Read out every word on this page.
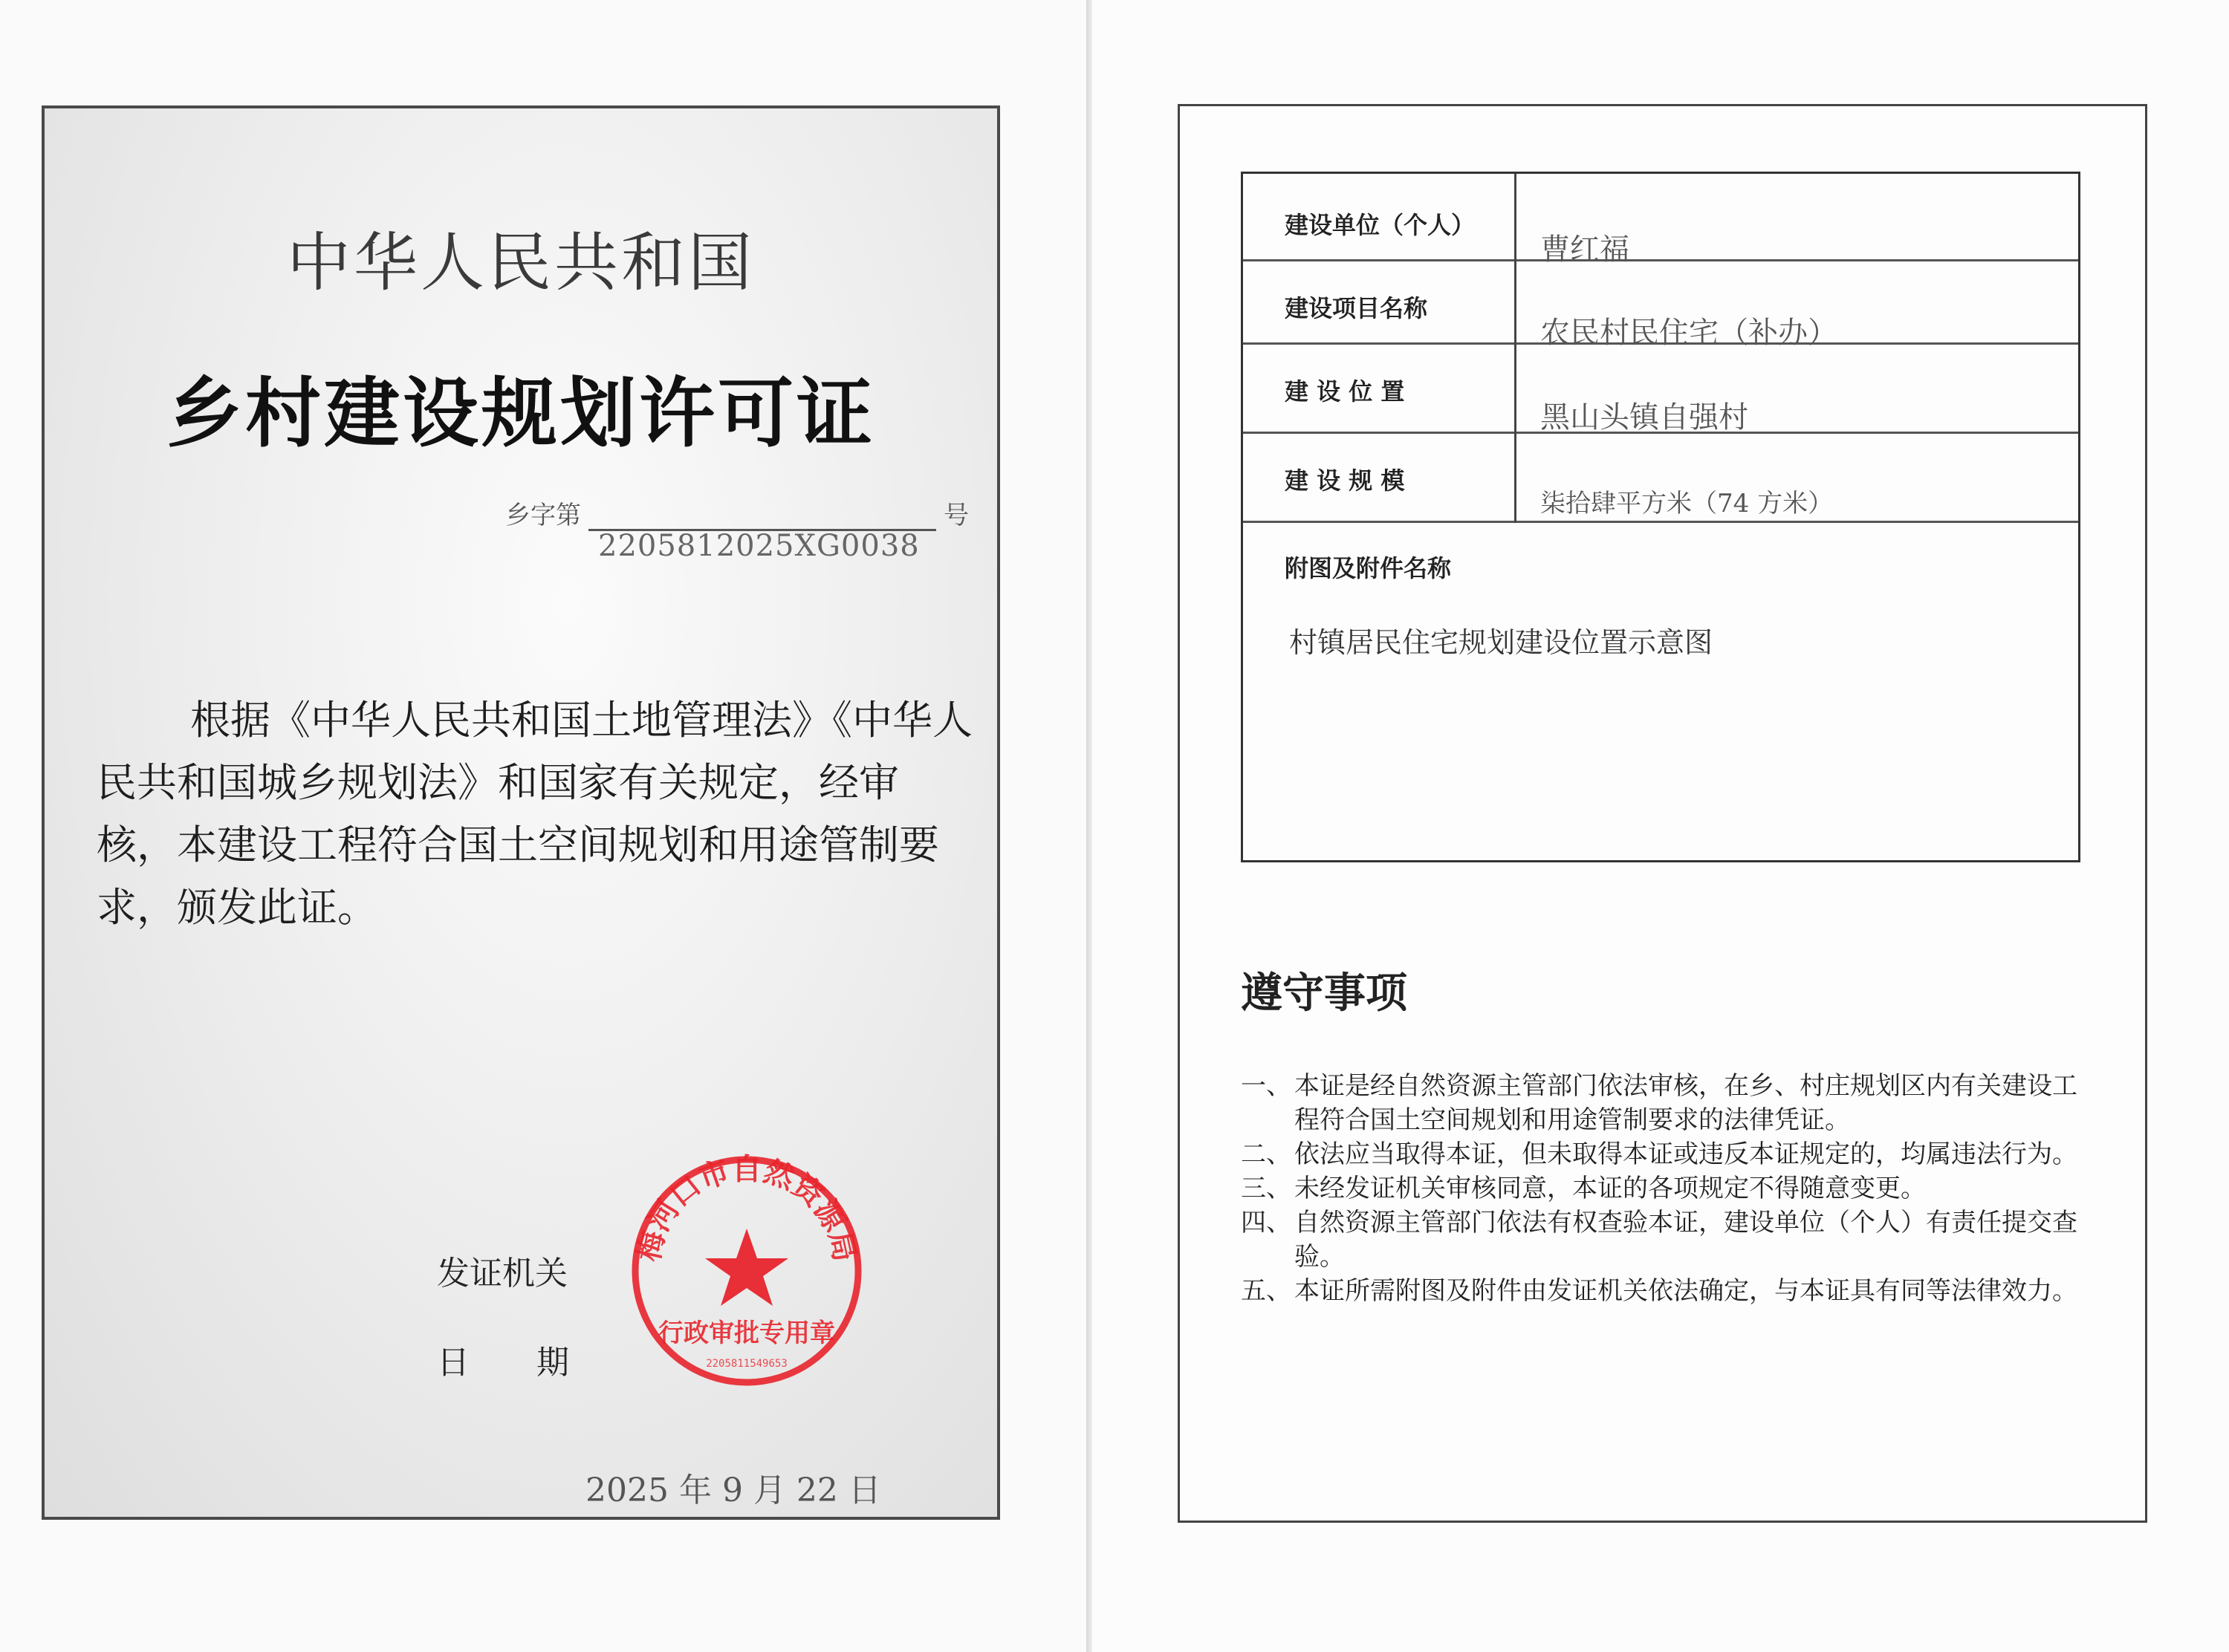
中华人民共和国
乡村建设规划许可证
乡字第	号
2205812025XG0038
根据《中华人民共和国土地管理法》《中华人民共和国城乡规划法》和国家有关规定，经审核，本建设工程符合国土空间规划和用途管制要求，颁发此证。
发证机关
日期
2025 年 9 月 22 日
梅河口市自然资源局
行政审批专用章
2205811549653
建设单位（个人）
曹红福
建设项目名称
农民村民住宅（补办）
建 设 位 置
黑山头镇自强村
建 设 规 模
柒拾肆平方米（74 方米）
附图及附件名称
村镇居民住宅规划建设位置示意图
遵守事项
一、 本证是经自然资源主管部门依法审核，在乡、村庄规划区内有关建设工程符合国土空间规划和用途管制要求的法律凭证。
二、 依法应当取得本证，但未取得本证或违反本证规定的，均属违法行为。
三、 未经发证机关审核同意，本证的各项规定不得随意变更。
四、 自然资源主管部门依法有权查验本证，建设单位（个人）有责任提交查验。
五、 本证所需附图及附件由发证机关依法确定，与本证具有同等法律效力。
